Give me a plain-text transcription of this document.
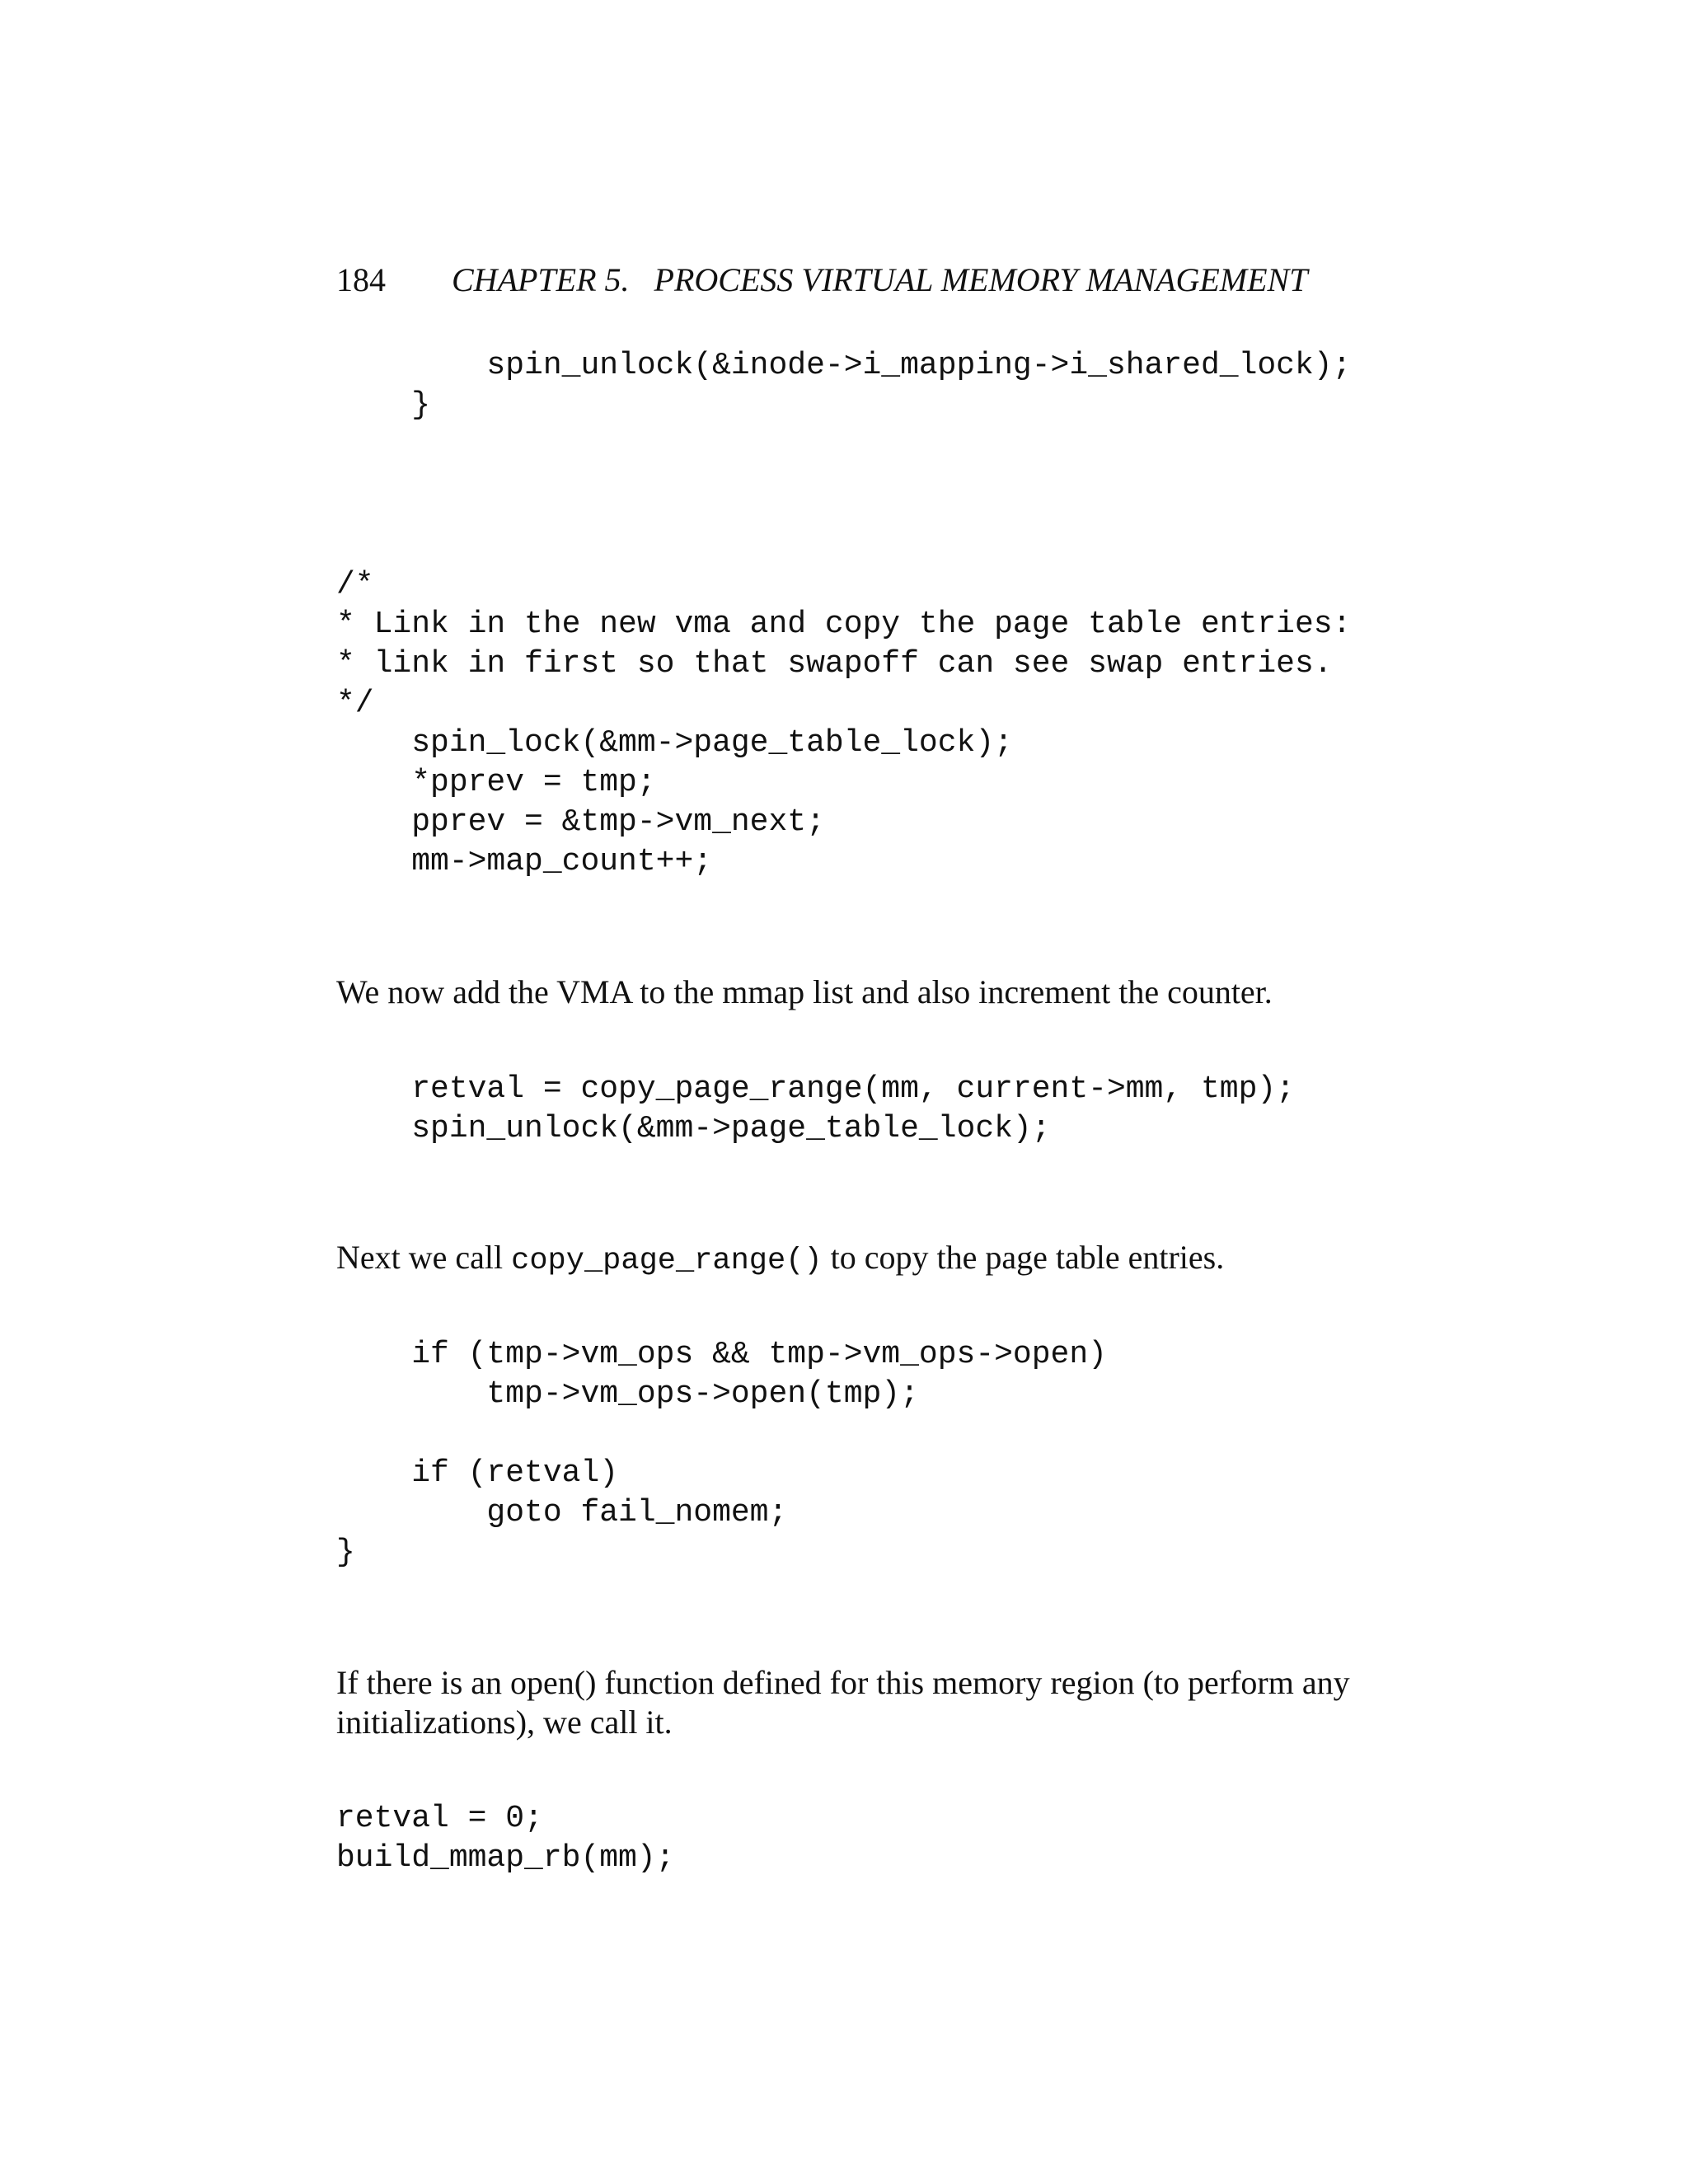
184 CHAPTER 5.   PROCESS VIRTUAL MEMORY MANAGEMENT
spin_unlock(&inode->i_mapping->i_shared_lock);
}
/*
* Link in the new vma and copy the page table entries:
* link in first so that swapoff can see swap entries.
*/
spin_lock(&mm->page_table_lock);
*pprev = tmp;
pprev = &tmp->vm_next;
mm->map_count++;

We now add the VMA to the mmap list and also increment the counter.

retval = copy_page_range(mm, current->mm, tmp);
spin_unlock(&mm->page_table_lock);

Next we call copy_page_range() to copy the page table entries.

if (tmp->vm_ops && tmp->vm_ops->open)
tmp->vm_ops->open(tmp);

if (retval)
goto fail_nomem;
}

If there is an open() function defined for this memory region (to perform any initializations), we call it.

retval = 0;
build_mmap_rb(mm);
